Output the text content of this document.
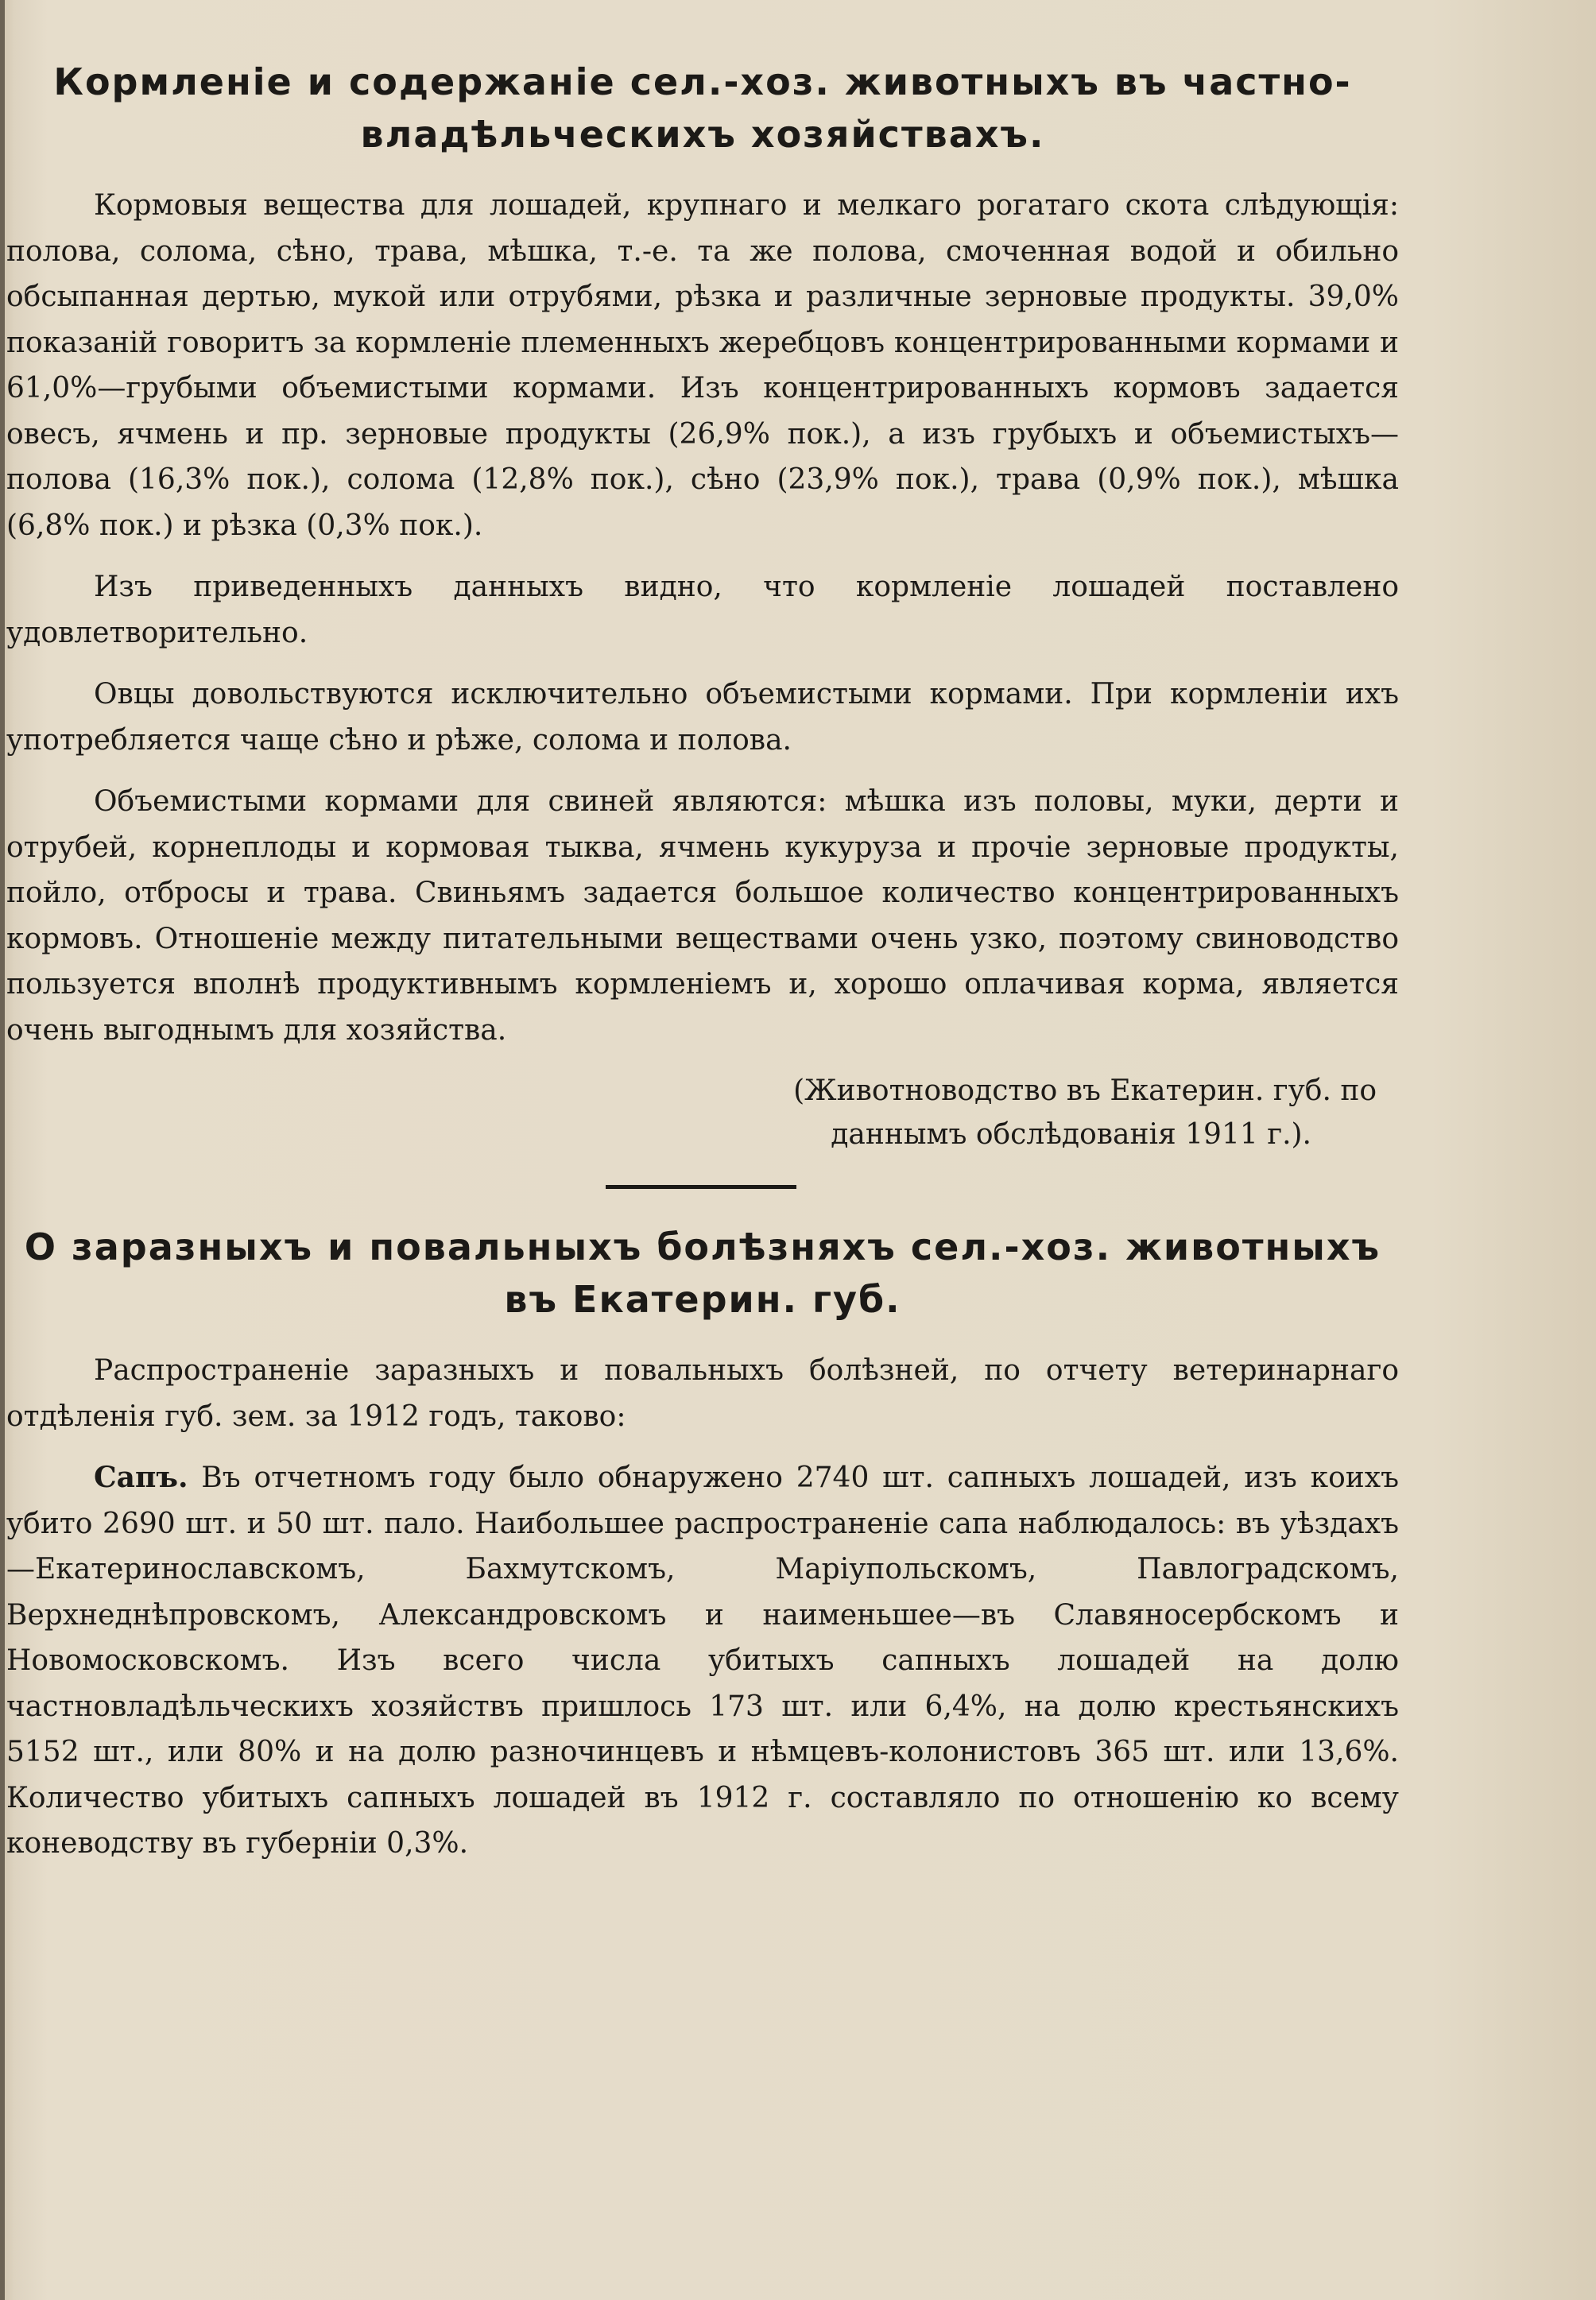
Кормленіе и содержаніе сел.-хоз. животныхъ въ частно-владѣльческихъ хозяйствахъ.

Кормовыя вещества для лошадей, крупнаго и мелкаго рогатаго скота слѣдующія: полова, солома, сѣно, трава, мѣшка, т.-е. та же полова, смоченная водой и обильно обсыпанная дертью, мукой или отрубями, рѣзка и различные зерновые продукты. 39,0% показаній говоритъ за кормленіе племенныхъ жеребцовъ концентрированными кормами и 61,0%—грубыми объемистыми кормами. Изъ концентрированныхъ кормовъ задается овесъ, ячмень и пр. зерновые продукты (26,9% пок.), а изъ грубыхъ и объемистыхъ—полова (16,3% пок.), солома (12,8% пок.), сѣно (23,9% пок.), трава (0,9% пок.), мѣшка (6,8% пок.) и рѣзка (0,3% пок.).

Изъ приведенныхъ данныхъ видно, что кормленіе лошадей поставлено удовлетворительно.

Овцы довольствуются исключительно объемистыми кормами. При кормленіи ихъ употребляется чаще сѣно и рѣже, солома и полова.

Объемистыми кормами для свиней являются: мѣшка изъ половы, муки, дерти и отрубей, корнеплоды и кормовая тыква, ячмень кукуруза и прочіе зерновые продукты, пойло, отбросы и трава. Свиньямъ задается большое количество концентрированныхъ кормовъ. Отношеніе между питательными веществами очень узко, поэтому свиноводство пользуется вполнѣ продуктивнымъ кормленіемъ и, хорошо оплачивая корма, является очень выгоднымъ для хозяйства.

(Животноводство въ Екатерин. губ. по
даннымъ обслѣдованія 1911 г.).

О заразныхъ и повальныхъ болѣзняхъ сел.-хоз. животныхъ въ Екатерин. губ.

Распространеніе заразныхъ и повальныхъ болѣзней, по отчету ветеринарнаго отдѣленія губ. зем. за 1912 годъ, таково:

Сапъ. Въ отчетномъ году было обнаружено 2740 шт. сапныхъ лошадей, изъ коихъ убито 2690 шт. и 50 шт. пало. Наибольшее распространеніе сапа наблюдалось: въ уѣздахъ—Екатеринославскомъ, Бахмутскомъ, Маріупольскомъ, Павлоградскомъ, Верхнеднѣпровскомъ, Александровскомъ и наименьшее—въ Славяносербскомъ и Новомосковскомъ. Изъ всего числа убитыхъ сапныхъ лошадей на долю частновладѣльческихъ хозяйствъ пришлось 173 шт. или 6,4%, на долю крестьянскихъ 5152 шт., или 80% и на долю разночинцевъ и нѣмцевъ-колонистовъ 365 шт. или 13,6%. Количество убитыхъ сапныхъ лошадей въ 1912 г. составляло по отношенію ко всему коневодству въ губерніи 0,3%.
